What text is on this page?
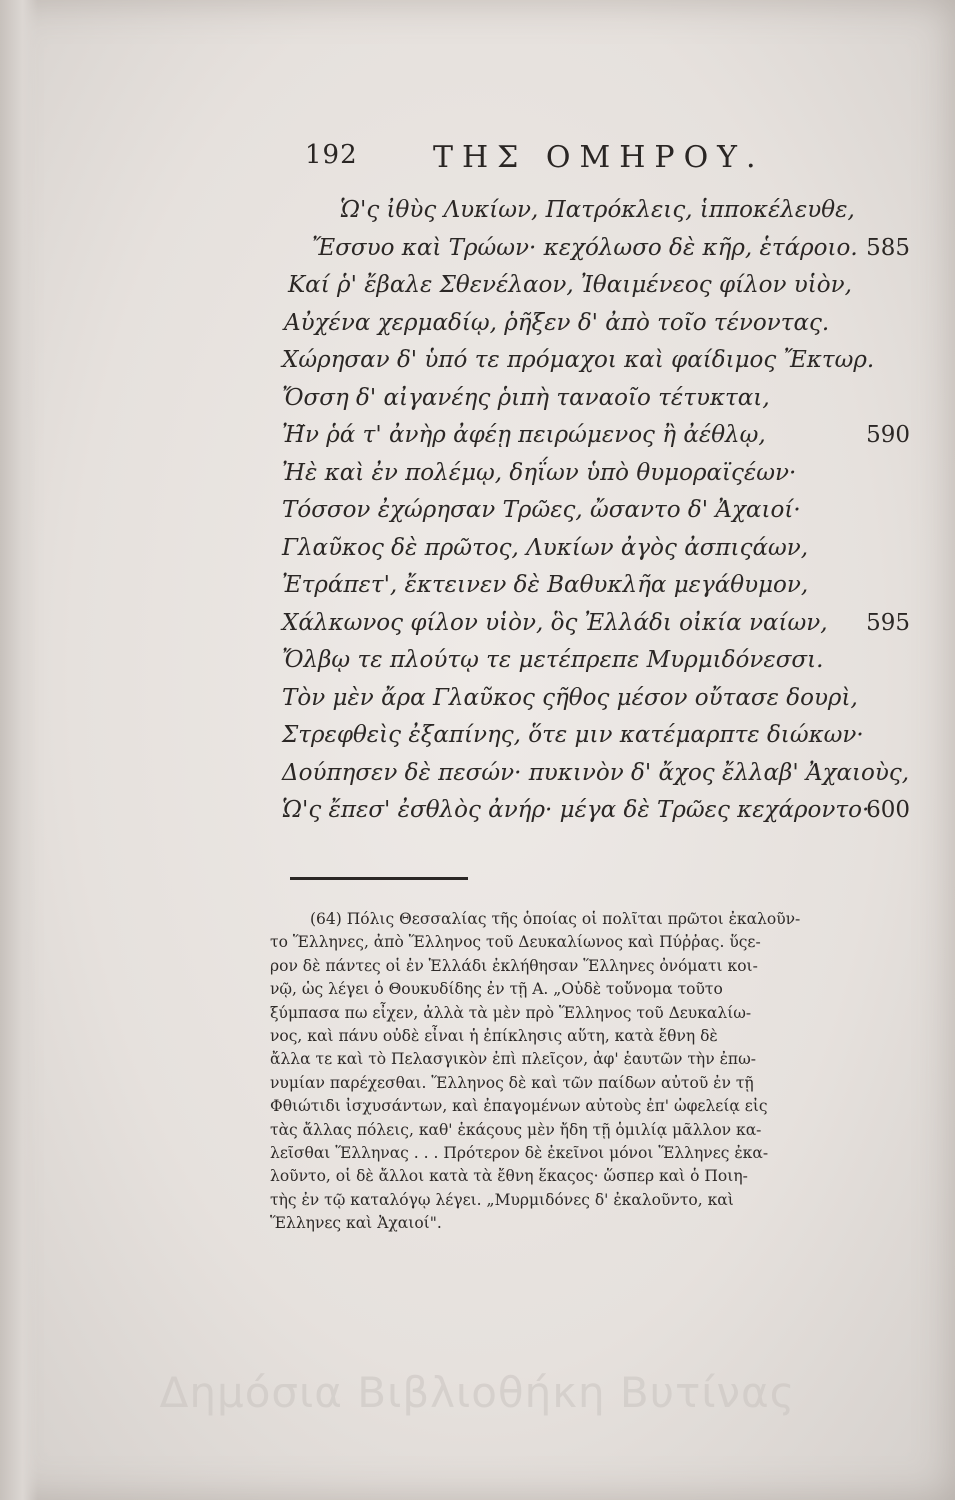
192	ΤΗΣ ΟΜΗΡΟΥ.
Ὡ'ς ἰθὺς Λυκίων, Πατρόκλεις, ἱπποκέλευθε,
Ἔσσυο καὶ Τρώων· κεχόλωσο δὲ κῆρ, ἑτάροιο. 585
Καί ῥ' ἔβαλε Σθενέλαον, Ἰθαιμένεος φίλον υἱὸν,
Αὐχένα χερμαδίῳ, ῥῆξεν δ' ἀπὸ τοῖο τένοντας.
Χώρησαν δ' ὑπό τε πρόμαχοι καὶ φαίδιμος Ἔκτωρ.
Ὄσση δ' αἰγανέης ῥιπὴ ταναοῖο τέτυκται,
Ἠ̃ν ῥά τ' ἀνὴρ ἀφέῃ πειρώμενος ἢ ἀέθλῳ,	590
Ἠὲ καὶ ἐν πολέμῳ, δηΐων ὑπὸ θυμοραϊςέων·
Τόσσον ἐχώρησαν Τρῶες, ὤσαντο δ' Ἀχαιοί·
Γλαῦκος δὲ πρῶτος, Λυκίων ἀγὸς ἀσπιςάων,
Ἐτράπετ', ἔκτεινεν δὲ Βαθυκλῆα μεγάθυμον,
Χάλκωνος φίλον υἱὸν, ὃς Ἐλλάδι οἰκία ναίων, 595
Ὄλβῳ τε πλούτῳ τε μετέπρεπε Μυρμιδόνεσσι.
Τὸν μὲν ἄρα Γλαῦκος ςῆθος μέσον οὔτασε δουρὶ,
Στρεφθεὶς ἐξαπίνης, ὅτε μιν κατέμαρπτε διώκων·
Δούπησεν δὲ πεσών· πυκινὸν δ' ἄχος ἔλλαβ' Ἀχαιοὺς,
Ὡ'ς ἔπεσ' ἐσθλὸς ἀνήρ· μέγα δὲ Τρῶες κεχάροντο·
600
(64) Πόλις Θεσσαλίας τῆς ὁποίας οἱ πολῖται πρῶτοι ἐκαλοῦν-
το Ἕλληνες, ἀπὸ Ἕλληνος τοῦ Δευκαλίωνος καὶ Πύῤῥας. ὕςε-
ρον δὲ πάντες οἱ ἐν Ἑλλάδι ἐκλήθησαν Ἕλληνες ὀνόματι κοι-
νῷ, ὡς λέγει ὁ Θουκυδίδης ἐν τῇ Α. „Οὐδὲ τοὔνομα τοῦτο
ξύμπασα πω εἶχεν, ἀλλὰ τὰ μὲν πρὸ Ἕλληνος τοῦ Δευκαλίω-
νος, καὶ πάνυ οὐδὲ εἶναι ἡ ἐπίκλησις αὕτη, κατὰ ἔθνη δὲ
ἄλλα τε καὶ τὸ Πελασγικὸν ἐπὶ πλεῖςον, ἀφ' ἑαυτῶν τὴν ἐπω-
νυμίαν παρέχεσθαι. Ἕλληνος δὲ καὶ τῶν παίδων αὐτοῦ ἐν τῇ
Φθιώτιδι ἰσχυσάντων, καὶ ἐπαγομένων αὐτοὺς ἐπ' ὠφελείᾳ εἰς
τὰς ἄλλας πόλεις, καθ' ἑκάςους μὲν ἤδη τῇ ὁμιλίᾳ μᾶλλον κα-
λεῖσθαι Ἕλληνας . . . Πρότερον δὲ ἐκεῖνοι μόνοι Ἕλληνες ἐκα-
λοῦντο, οἱ δὲ ἄλλοι κατὰ τὰ ἔθνη ἕκαςος· ὥσπερ καὶ ὁ Ποιη-
τὴς ἐν τῷ καταλόγῳ λέγει. „Μυρμιδόνες δ' ἐκαλοῦντο, καὶ
Ἕλληνες καὶ Ἀχαιοί".
Δημόσια Βιβλιοθήκη Βυτίνας
